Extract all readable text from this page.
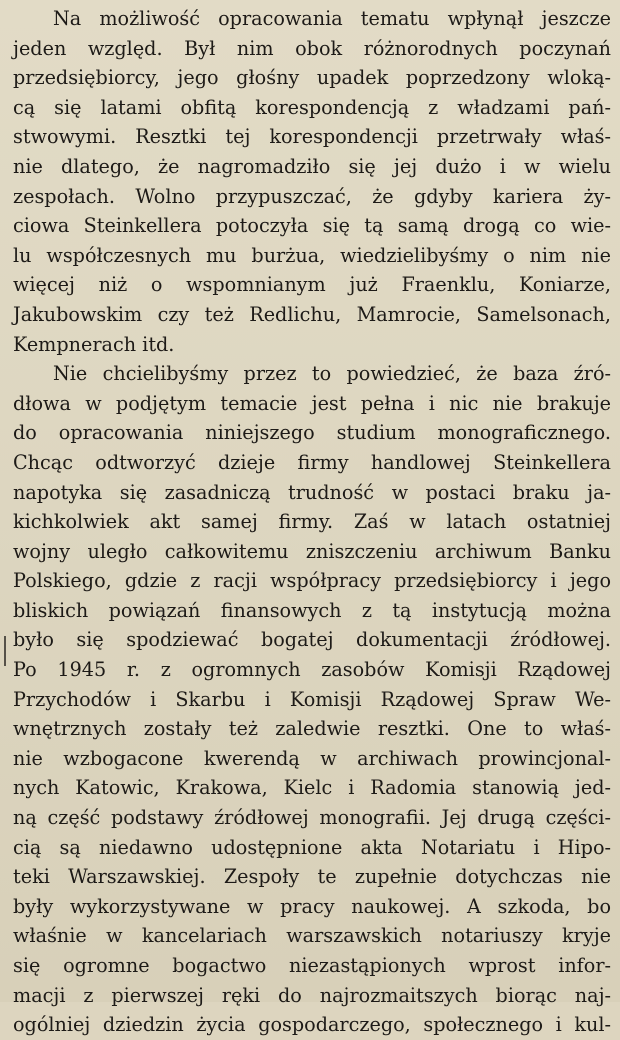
Na możliwość opracowania tematu wpłynął jeszcze
jeden względ. Był nim obok różnorodnych poczynań
przedsiębiorcy, jego głośny upadek poprzedzony wloką-
cą się latami obfitą korespondencją z władzami pań-
stwowymi. Resztki tej korespondencji przetrwały właś-
nie dlatego, że nagromadziło się jej dużo i w wielu
zespołach. Wolno przypuszczać, że gdyby kariera ży-
ciowa Steinkellera potoczyła się tą samą drogą co wie-
lu współczesnych mu burżua, wiedzielibyśmy o nim nie
więcej niż o wspomnianym już Fraenklu, Koniarze,
Jakubowskim czy też Redlichu, Mamrocie, Samelsonach,
Kempnerach itd.
Nie chcielibyśmy przez to powiedzieć, że baza źró-
dłowa w podjętym temacie jest pełna i nic nie brakuje
do opracowania niniejszego studium monograficznego.
Chcąc odtworzyć dzieje firmy handlowej Steinkellera
napotyka się zasadniczą trudność w postaci braku ja-
kichkolwiek akt samej firmy. Zaś w latach ostatniej
wojny uległo całkowitemu zniszczeniu archiwum Banku
Polskiego, gdzie z racji współpracy przedsiębiorcy i jego
bliskich powiązań finansowych z tą instytucją można
było się spodziewać bogatej dokumentacji źródłowej.
Po 1945 r. z ogromnych zasobów Komisji Rządowej
Przychodów i Skarbu i Komisji Rządowej Spraw We-
wnętrznych zostały też zaledwie resztki. One to właś-
nie wzbogacone kwerendą w archiwach prowincjonal-
nych Katowic, Krakowa, Kielc i Radomia stanowią jed-
ną część podstawy źródłowej monografii. Jej drugą części-
cią są niedawno udostępnione akta Notariatu i Hipo-
teki Warszawskiej. Zespoły te zupełnie dotychczas nie
były wykorzystywane w pracy naukowej. A szkoda, bo
właśnie w kancelariach warszawskich notariuszy kryje
się ogromne bogactwo niezastąpionych wprost infor-
macji z pierwszej ręki do najrozmaitszych biorąc naj-
ogólniej dziedzin życia gospodarczego, społecznego i kul-
